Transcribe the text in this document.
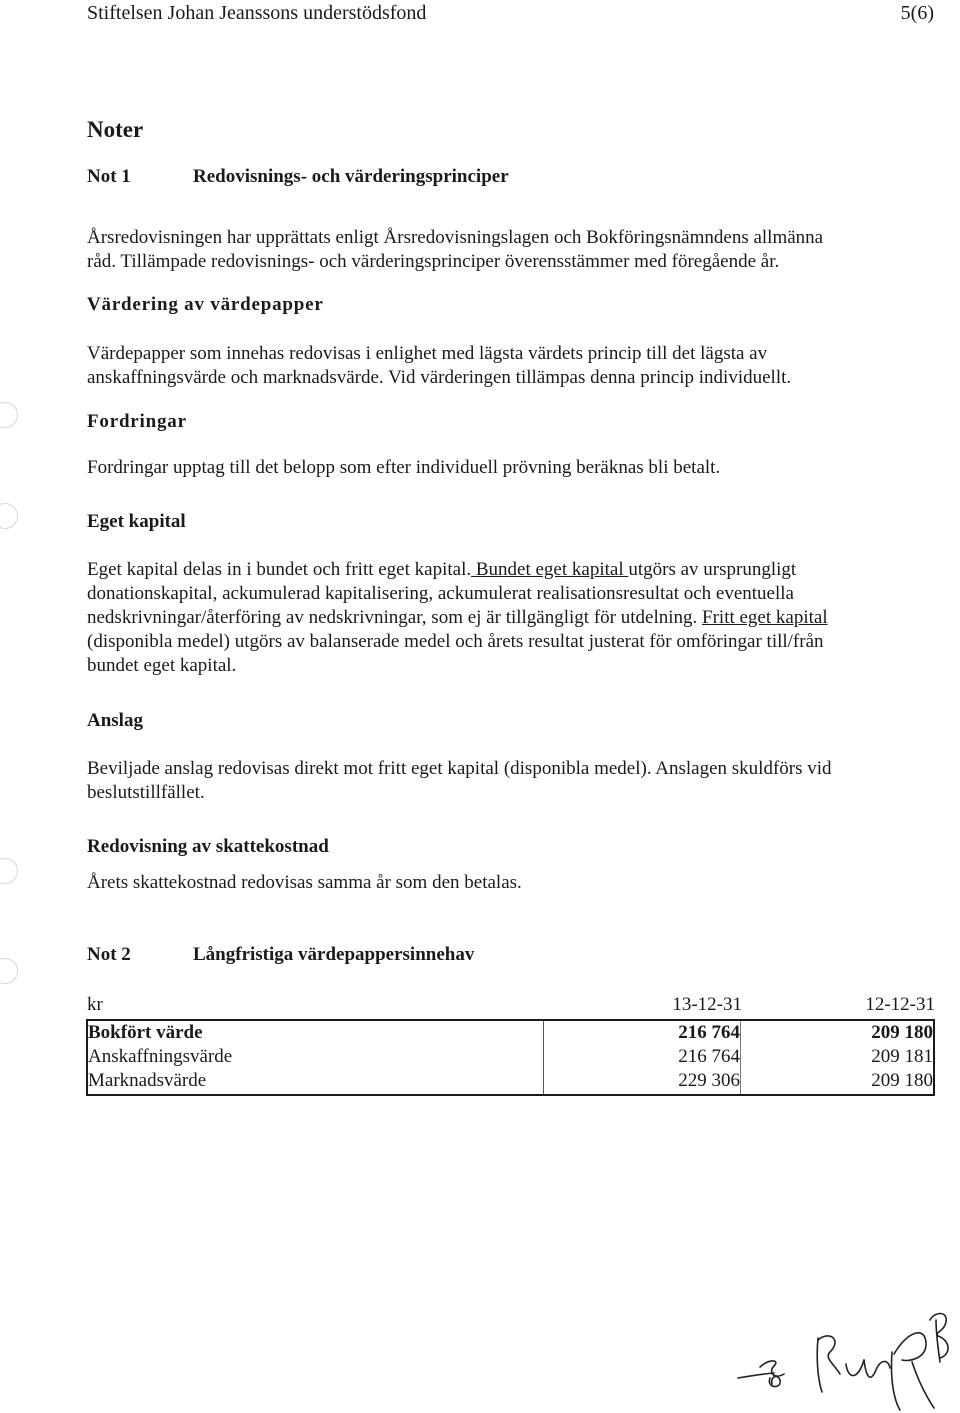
Stiftelsen Johan Jeanssons understödsfond	5(6)
Noter
Not 1	Redovisnings- och värderingsprinciper
Årsredovisningen har upprättats enligt Årsredovisningslagen och Bokföringsnämndens allmänna
råd. Tillämpade redovisnings- och värderingsprinciper överensstämmer med föregående år.
Värdering av värdepapper
Värdepapper som innehas redovisas i enlighet med lägsta värdets princip till det lägsta av
anskaffningsvärde och marknadsvärde. Vid värderingen tillämpas denna princip individuellt.
Fordringar
Fordringar upptag till det belopp som efter individuell prövning beräknas bli betalt.
Eget kapital
Eget kapital delas in i bundet och fritt eget kapital. Bundet eget kapital utgörs av ursprungligt
donationskapital, ackumulerad kapitalisering, ackumulerat realisationsresultat och eventuella
nedskrivningar/återföring av nedskrivningar, som ej är tillgängligt för utdelning. Fritt eget kapital
(disponibla medel) utgörs av balanserade medel och årets resultat justerat för omföringar till/från
bundet eget kapital.
Anslag
Beviljade anslag redovisas direkt mot fritt eget kapital (disponibla medel). Anslagen skuldförs vid
beslutstillfället.
Redovisning av skattekostnad
Årets skattekostnad redovisas samma år som den betalas.
Not 2	Långfristiga värdepappersinnehav
kr	13-12-31	12-12-31
Bokfört värde	216 764	209 180
Anskaffningsvärde	216 764	209 181
Marknadsvärde	229 306	209 180
